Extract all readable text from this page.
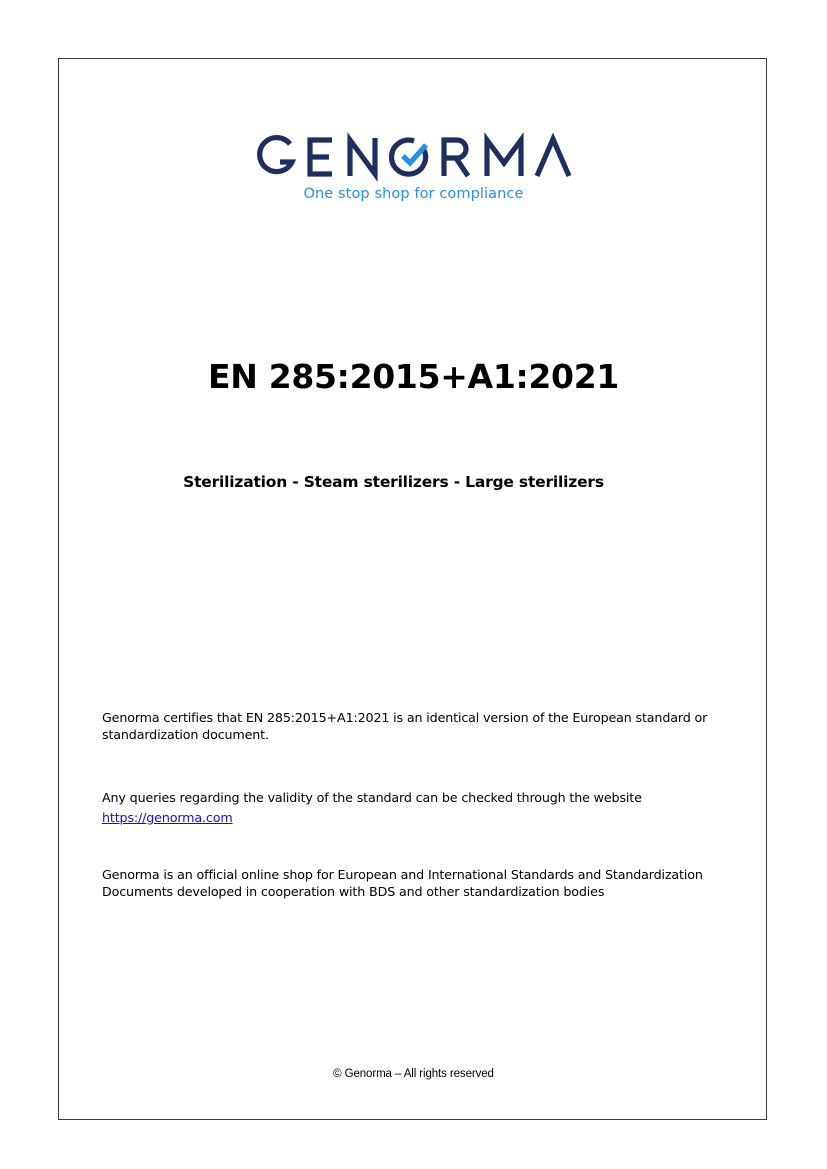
One stop shop for compliance
EN 285:2015+A1:2021
Sterilization - Steam sterilizers - Large sterilizers
Genorma certifies that EN 285:2015+A1:2021 is an identical version of the European standard or
standardization document.
Any queries regarding the validity of the standard can be checked through the website
https://genorma.com
Genorma is an official online shop for European and International Standards and Standardization
Documents developed in cooperation with BDS and other standardization bodies
© Genorma – All rights reserved
